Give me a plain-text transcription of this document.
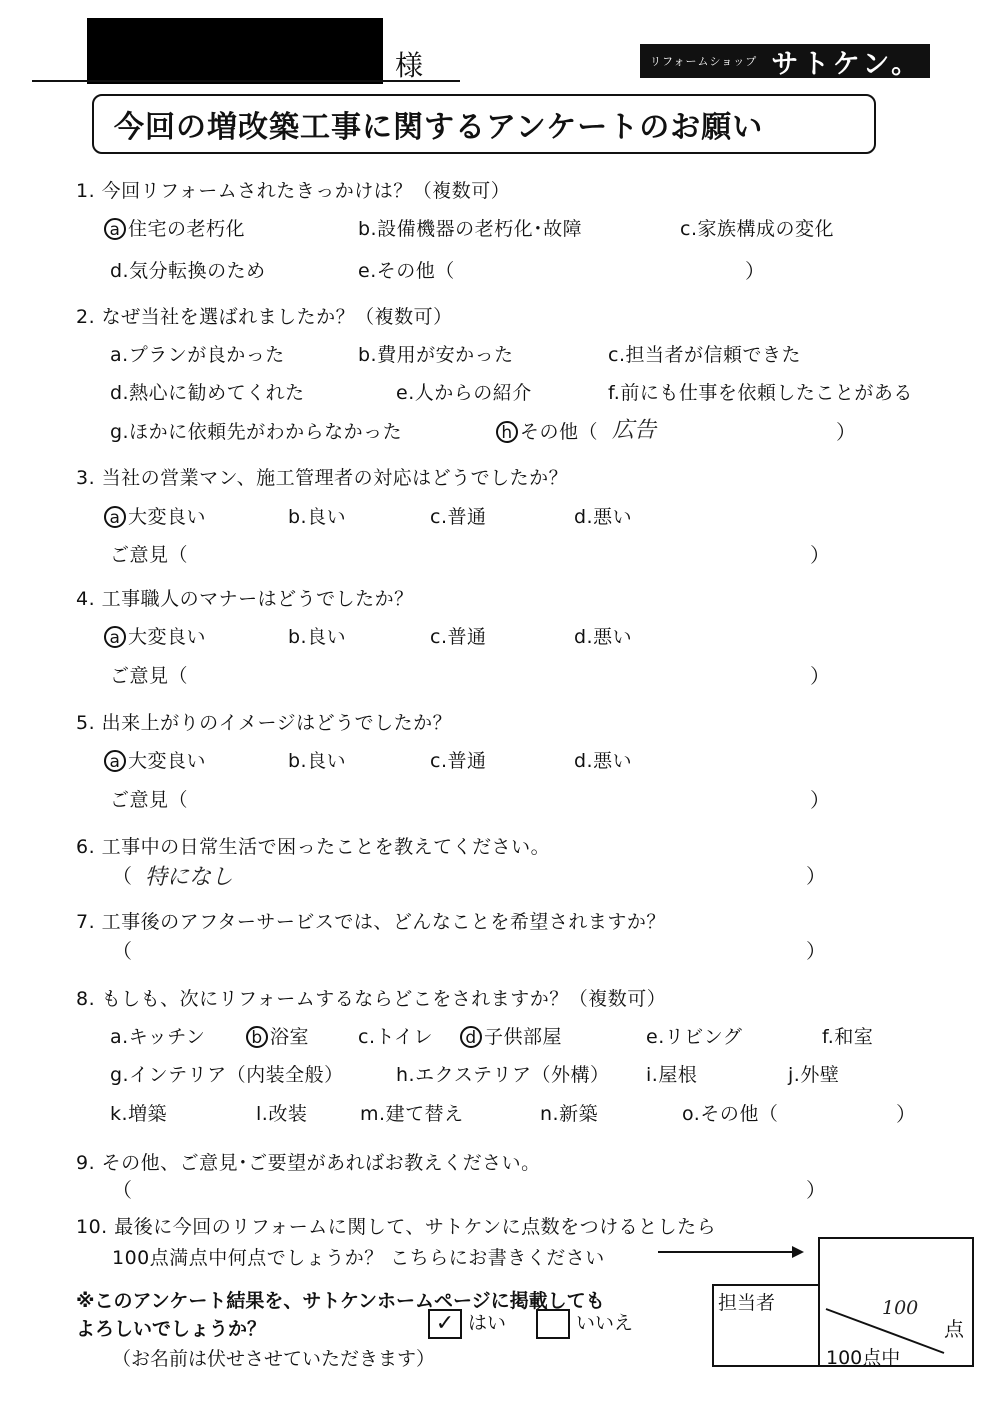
様	リフォームショップ サトケン。
今回の増改築工事に関するアンケートのお願い
1. 今回リフォームされたきっかけは？（複数可）
a 住宅の老朽化	b.設備機器の老朽化･故障	c.家族構成の変化
d.気分転換のため	e.その他（	）
2. なぜ当社を選ばれましたか？（複数可）
a.プランが良かった	b.費用が安かった	c.担当者が信頼できた
d.熱心に勧めてくれた	e.人からの紹介	f.前にも仕事を依頼したことがある
g.ほかに依頼先がわからなかった	h その他（ 広告	）
3. 当社の営業マン、施工管理者の対応はどうでしたか？
a 大変良い	b.良い	c.普通	d.悪い
ご意見（	）
4. 工事職人のマナーはどうでしたか？
a 大変良い	b.良い	c.普通	d.悪い
ご意見（	）
5. 出来上がりのイメージはどうでしたか？
a 大変良い	b.良い	c.普通	d.悪い
ご意見（	）
6. 工事中の日常生活で困ったことを教えてください。
（ 特になし	）
7. 工事後のアフターサービスでは、どんなことを希望されますか？
（	）
8. もしも、次にリフォームするならどこをされますか？（複数可）
a.キッチン	b 浴室	c.トイレ	d 子供部屋	e.リビング	f.和室
g.インテリア（内装全般）	h.エクステリア（外構） i.屋根	j.外壁
k.増築	l.改装	m.建て替え	n.新築	o.その他（	）
9. その他、ご意見･ご要望があればお教えください。
（	）
10. 最後に今回のリフォームに関して、サトケンに点数をつけるとしたら
100点満点中何点でしょうか？ こちらにお書きください
100
点
100点中
担当者
※このアンケート結果を、サトケンホームページに掲載しても
よろしいでしょうか？	✓ はい	いいえ
（お名前は伏せさせていただきます）
